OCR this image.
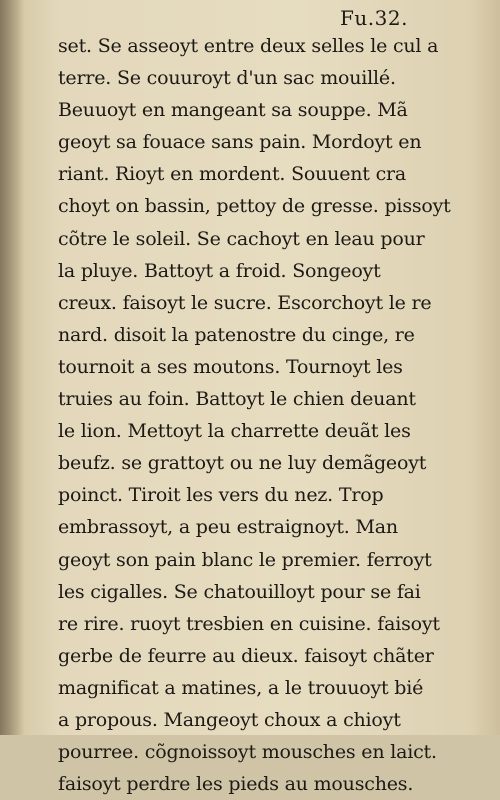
Fu.32.
set. Se asseoyt entre deux selles le cul a
terre. Se couuroyt d'un sac mouillé.
Beuuoyt en mangeant sa souppe. Mã
geoyt sa fouace sans pain. Mordoyt en
riant. Rioyt en mordent. Souuent cra
choyt on bassin, pettoy de gresse. pissoyt
cõtre le soleil. Se cachoyt en leau pour
la pluye. Battoyt a froid. Songeoyt
creux. faisoyt le sucre. Escorchoyt le re
nard. disoit la patenostre du cinge, re
tournoit a ses moutons. Tournoyt les
truies au foin. Battoyt le chien deuant
le lion. Mettoyt la charrette deuãt les
beufz. se grattoyt ou ne luy demãgeoyt
poinct. Tiroit les vers du nez. Trop
embrassoyt, a peu estraignoyt. Man
geoyt son pain blanc le premier. ferroyt
les cigalles. Se chatouilloyt pour se fai
re rire. ruoyt tresbien en cuisine. faisoyt
gerbe de feurre au dieux. faisoyt chãter
magnificat a matines, a le trouuoyt bié
a propous. Mangeoyt choux a chioyt
pourree. cõgnoissoyt mousches en laict.
faisoyt perdre les pieds au mousches.
